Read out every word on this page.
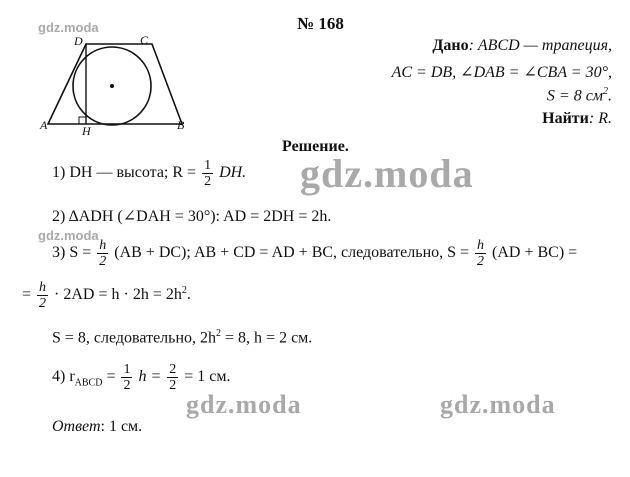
gdz.moda
gdz.moda
gdz.moda
gdz.moda	gdz.moda
№ 168
D	C
A	H	B
Дано: ABCD — трапеция,
AC = DB, ∠DAB = ∠CBA = 30°,
S = 8 $см^2$.
Найти: R.
Решение.
1) DH — высота; $R = \frac{1}{2}$ DH.
2) ΔADH (∠DAH = 30°): AD = 2DH = 2h.
3) $S = \frac{h}{2} (AB + DC)$; AB + CD = AD + BC, следовательно, $S = \frac{h}{2} (AD + BC)$ =
= $\frac{h}{2} \cdot 2AD = h \cdot 2h = 2h^2$.
S = 8, следовательно, $2h^2 = 8$, h = 2 см.
4) $r_{ABCD} = \frac{1}{2}$ $h = \frac{2}{2} = 1$ см.
Ответ: 1 см.
